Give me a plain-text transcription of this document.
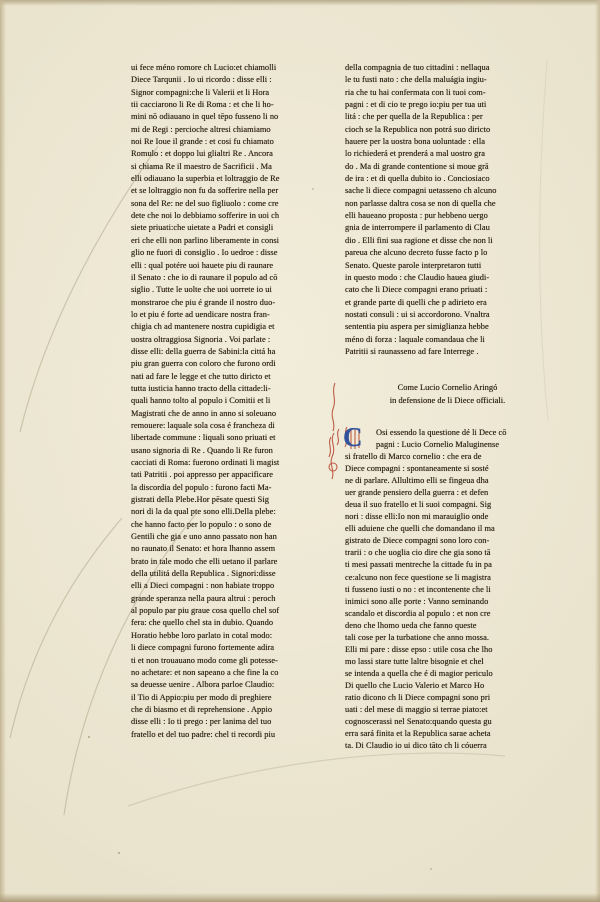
ui fece méno romore ch Lucio:et chiamolli
Diece Tarqunii . Io ui ricordo : disse elli :
Signor compagni:che li Valerii et li Hora
tii cacciarono li Re di Roma : et che li ho-
mini nō odiauano in quel tēpo fusseno li no
mi de Regi : percioche altresi chiamiamo
noi Re Ioue il grande : et cosi fu chiamato
Romulo : et doppo lui glialtri Re . Ancora
si chiama Re il maestro de Sacrificii . Ma
elli odiauano la superbia et loltraggio de Re
et se loltraggio non fu da sofferire nella per
sona del Re: ne del suo figliuolo : come cre
dete che noi lo debbiamo sofferire in uoi ch
siete priuati:che uietate a Padri et consigli
eri che elli non parlino liberamente in consi
glio ne fuori di consiglio . Io uedroe : disse
elli : qual potére uoi hauete piu di raunare
il Senato : che io di raunare il populo ad cō
siglio . Tutte le uolte che uoi uorrete io ui
monstraroe che piu é grande il nostro duo-
lo et piu é forte ad uendicare nostra fran-
chigia ch ad mantenere nostra cupidigia et
uostra oltraggiosa Signoria . Voi parlate :
disse elli: della guerra de Sabini:la cittá ha
piu gran guerra con coloro che furono ordi
nati ad fare le legge et che tutto diricto et
tutta iusticia hanno tracto della cittade:li-
quali hanno tolto al populo i Comitii et li
Magistrati che de anno in anno si soleuano
remouere: laquale sola cosa é francheza di
libertade commune : liquali sono priuati et
usano signoria di Re . Quando li Re furon
cacciati di Roma: fuerono ordinati li magist
tati Patritii . poi appresso per appacificare
la discordia del populo : furono facti Ma-
gistrati della Plebe.Hor pēsate questi Sig
nori di la da qual pte sono elli.Della plebe:
che hanno facto per lo populo : o sono de
Gentili che gia e uno anno passato non han
no raunato il Senato: et hora lhanno assem
brato in tale modo che elli uetano il parlare
della utilitá della Republica . Signori:disse
elli a Dieci compagni : non habiate troppo
grande speranza nella paura altrui : peroch
al populo par piu graue cosa quello chel sof
fera: che quello chel sta in dubio. Quando
Horatio hebbe loro parlato in cotal modo:
li diece compagni furono fortemente adira
ti et non trouauano modo come gli potesse-
no achetare: et non sapeano a che fine la co
sa deuesse uenire . Albora parloe Claudio:
il Tio di Appio:piu per modo di preghiere
che di biasmo et di reprehensione . Appio
disse elli : Io ti prego : per lanima del tuo
fratello et del tuo padre: chel ti recordi piu
della compagnia de tuo cittadini : nellaqua
le tu fusti nato : che della maluágia ingiu-
ria che tu hai confermata con li tuoi com-
pagni : et di cio te prego io:piu per tua uti
litá : che per quella de la Republica : per
cioch se la Republica non potrá suo diricto
hauere per la uostra bona uoluntade : ella
lo richiederá et prenderá a mal uostro gra
do . Ma di grande contentione si moue grā
de ira : et di quella dubito io . Conciosiaco
sache li diece compagni uetasseno ch alcuno
non parlasse daltra cosa se non di quella che
elli haueano proposta : pur hebbeno uergo
gnia de interrompere il parlamento di Clau
dio . Elli fini sua ragione et disse che non li
pareua che alcuno decreto fusse facto p lo
Senato. Queste parole interpretaron tutti
in questo modo : che Claudio hauea giudi-
cato che li Diece compagni erano priuati :
et grande parte di quelli che p adirieto era
nostati consuli : ui si accordorono. Vnaltra
sententia piu aspera per simiglianza hebbe
méno di forza : laquale comandaua che li
Patritii si raunasseno ad fare Interrege .
Come Lucio Cornelio Aringó
in defensione de li Diece officiali.
C	Osi essendo la questione dé li Dece cō
pagni : Lucio Cornelio Maluginense
si fratello di Marco cornelio : che era de
Diece compagni : spontaneamente si sosté
ne di parlare. Allultimo elli se fingeua dha
uer grande pensiero della guerra : et defen
deua il suo fratello et li suoi compagni. Sig
nori : disse elli:Io non mi marauiglio onde
elli aduiene che quelli che domandano il ma
gistrato de Diece compagni sono loro con-
trarii : o che uoglia cio dire che gia sono tā
ti mesi passati mentreche la cittade fu in pa
ce:alcuno non fece questione se li magistra
ti fusseno iusti o no : et incontenente che li
inimici sono alle porte : Vanno seminando
scandalo et discordia al populo : et non cre
deno che lhomo ueda che fanno queste
tali cose per la turbatione che anno mossa.
Elli mi pare : disse epso : utile cosa che lho
mo lassi stare tutte laltre bisognie et chel
se intenda a quella che é di magior periculo
Di quello che Lucio Valerio et Marco Ho
ratio dicono ch li Diece compagni sono pri
uati : del mese di maggio si terrae piato:et
cognoscerassi nel Senato:quando questa gu
erra sará finita et la Republica sarae acheta
ta. Di Claudio io ui dico tāto ch li cóuerra
